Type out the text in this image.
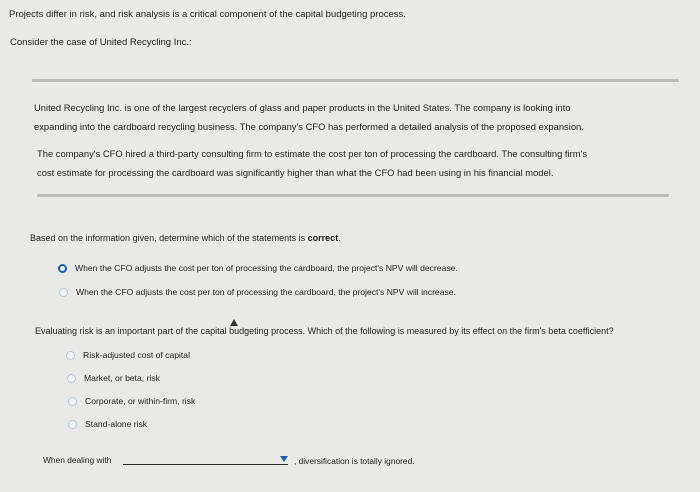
Projects differ in risk, and risk analysis is a critical component of the capital budgeting process.
Consider the case of United Recycling Inc.:
United Recycling Inc. is one of the largest recyclers of glass and paper products in the United States. The company is looking into
expanding into the cardboard recycling business. The company's CFO has performed a detailed analysis of the proposed expansion.
The company's CFO hired a third-party consulting firm to estimate the cost per ton of processing the cardboard. The consulting firm's
cost estimate for processing the cardboard was significantly higher than what the CFO had been using in his financial model.
Based on the information given, determine which of the statements is correct.
When the CFO adjusts the cost per ton of processing the cardboard, the project's NPV will decrease.
When the CFO adjusts the cost per ton of processing the cardboard, the project's NPV will increase.
Evaluating risk is an important part of the capital budgeting process. Which of the following is measured by its effect on the firm's beta coefficient?
Risk-adjusted cost of capital
Market, or beta, risk
Corporate, or within-firm, risk
Stand-alone risk
When dealing with	, diversification is totally ignored.
